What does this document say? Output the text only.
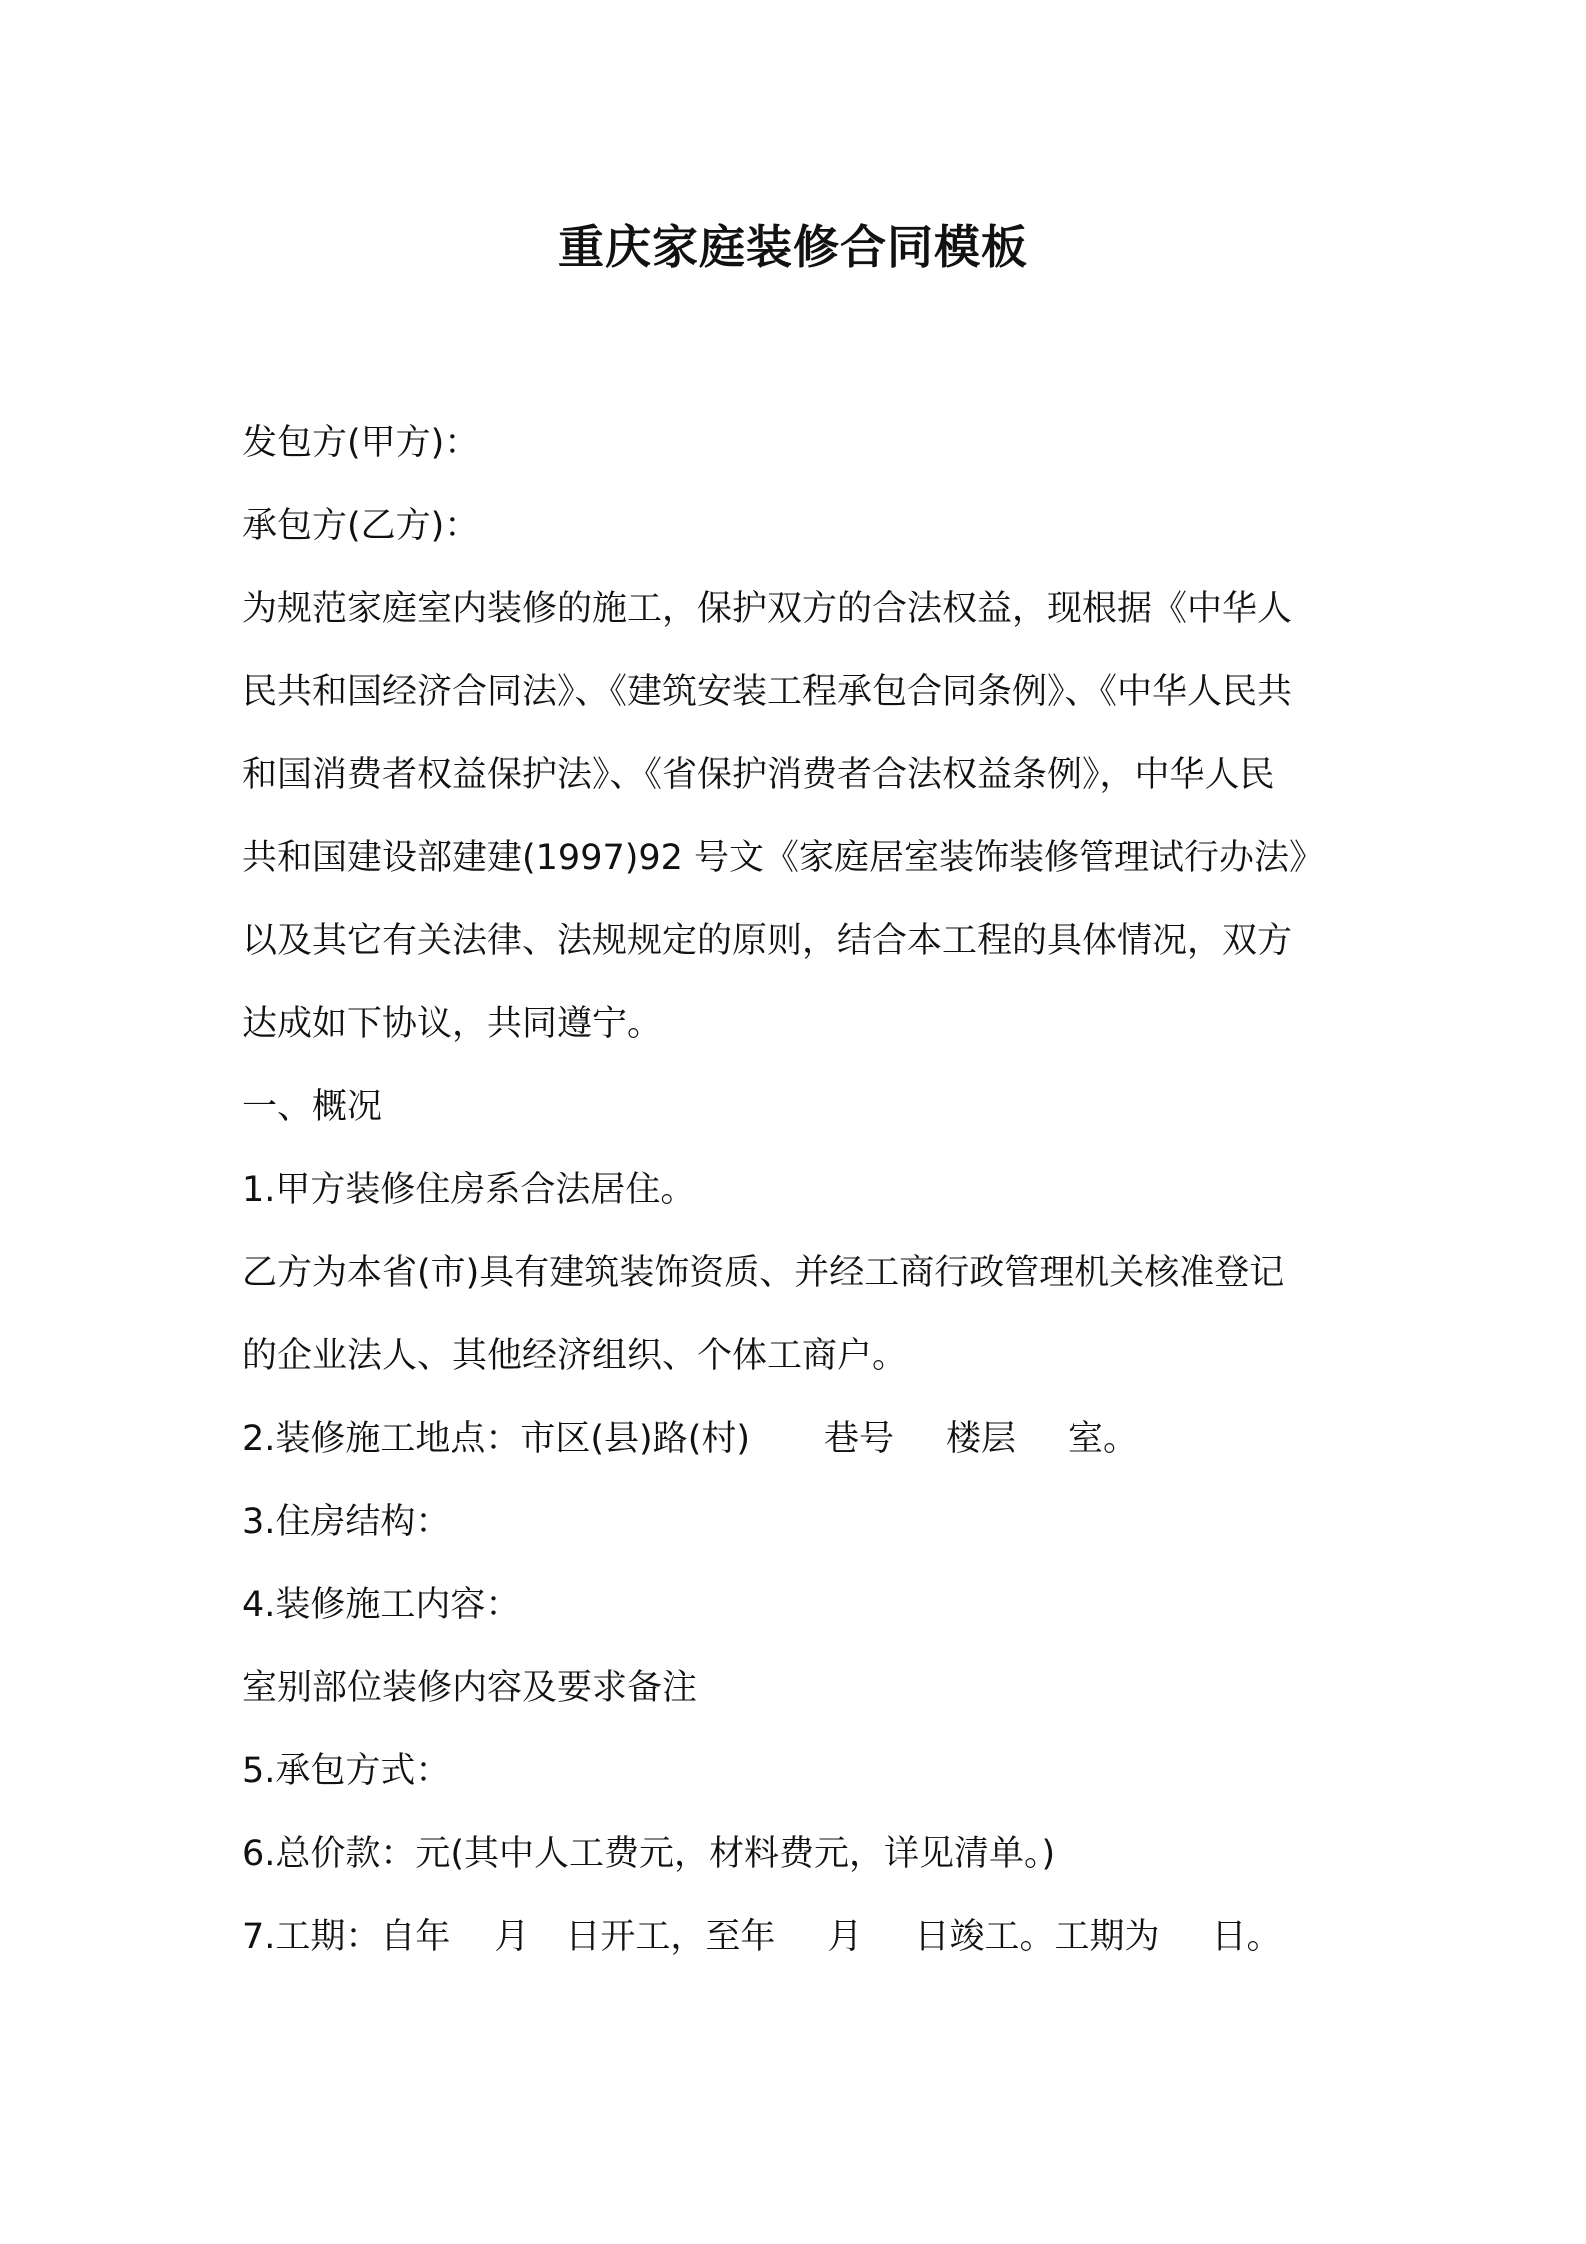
重庆家庭装修合同模板

发包方(甲方)：

承包方(乙方)：

为规范家庭室内装修的施工，保护双方的合法权益，现根据《中华人

民共和国经济合同法》、《建筑安装工程承包合同条例》、《中华人民共

和国消费者权益保护法》、《省保护消费者合法权益条例》，中华人民

共和国建设部建建(1997)92 号文《家庭居室装饰装修管理试行办法》

以及其它有关法律、法规规定的原则，结合本工程的具体情况，双方

达成如下协议，共同遵宁。

一、概况

1.甲方装修住房系合法居住。

乙方为本省(市)具有建筑装饰资质、并经工商行政管理机关核准登记

的企业法人、其他经济组织、个体工商户。

2.装修施工地点：市区(县)路(村) 巷号 楼层 室。

3.住房结构：

4.装修施工内容：

室别部位装修内容及要求备注

5.承包方式：

6.总价款：元(其中人工费元，材料费元，详见清单。)

7.工期：自年 月 日开工，至年 月 日竣工。工期为 日。
